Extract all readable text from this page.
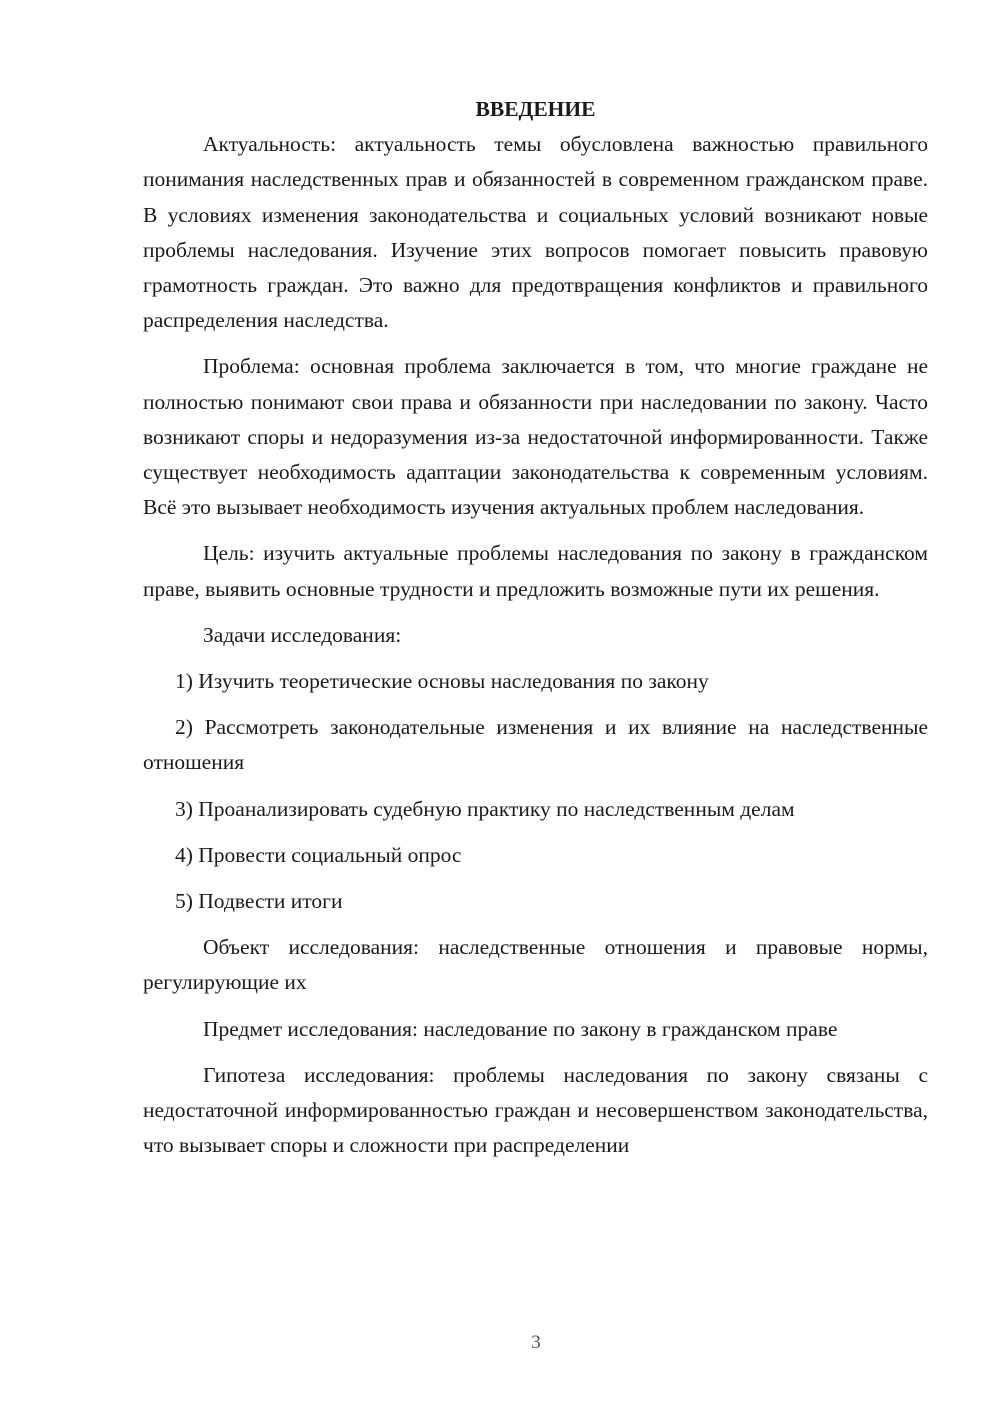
ВВЕДЕНИЕ

Актуальность: актуальность темы обусловлена важностью правильного понимания наследственных прав и обязанностей в современном гражданском праве. В условиях изменения законодательства и социальных условий возникают новые проблемы наследования. Изучение этих вопросов помогает повысить правовую грамотность граждан. Это важно для предотвращения конфликтов и правильного распределения наследства.

Проблема: основная проблема заключается в том, что многие граждане не полностью понимают свои права и обязанности при наследовании по закону. Часто возникают споры и недоразумения из-за недостаточной информированности. Также существует необходимость адаптации законодательства к современным условиям. Всё это вызывает необходимость изучения актуальных проблем наследования.

Цель: изучить актуальные проблемы наследования по закону в гражданском праве, выявить основные трудности и предложить возможные пути их решения.

Задачи исследования:

1) Изучить теоретические основы наследования по закону

2) Рассмотреть законодательные изменения и их влияние на наследственные отношения

3) Проанализировать судебную практику по наследственным делам

4) Провести социальный опрос

5) Подвести итоги

Объект исследования: наследственные отношения и правовые нормы, регулирующие их

Предмет исследования: наследование по закону в гражданском праве

Гипотеза исследования: проблемы наследования по закону связаны с недостаточной информированностью граждан и несовершенством законодательства, что вызывает споры и сложности при распределении

3
